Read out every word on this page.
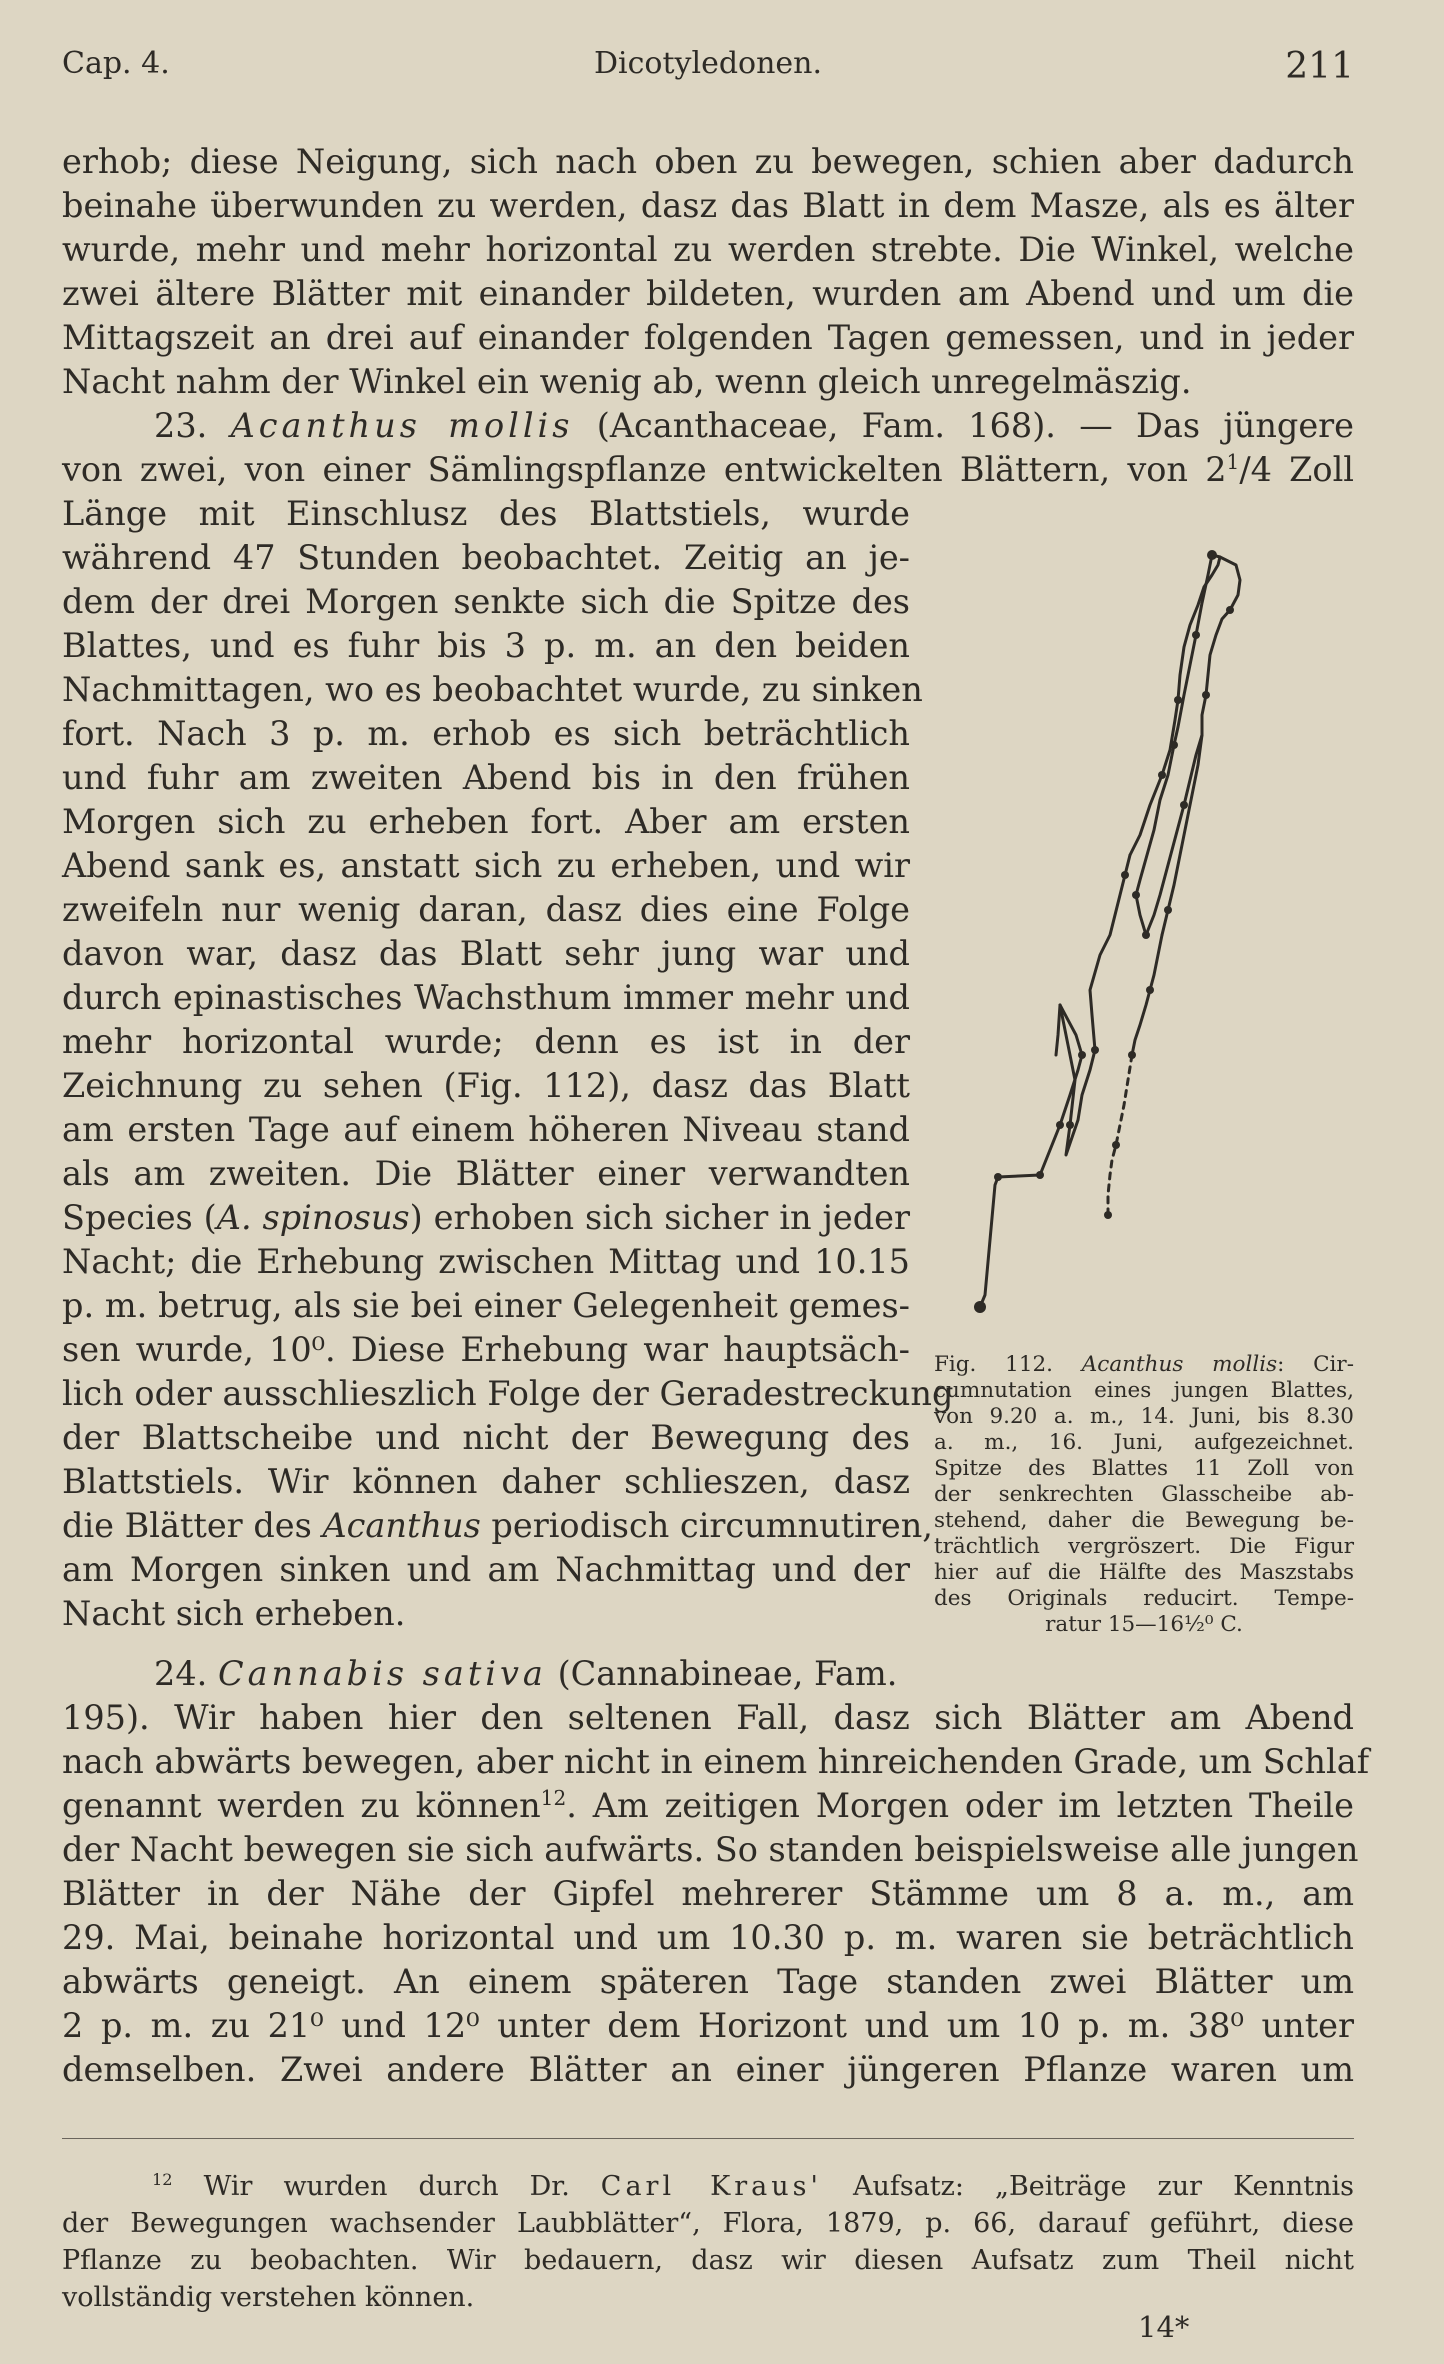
Cap. 4.	Dicotyledonen.	211
erhob; diese Neigung, sich nach oben zu bewegen, schien aber dadurch
beinahe überwunden zu werden, dasz das Blatt in dem Masze, als es älter
wurde, mehr und mehr horizontal zu werden strebte. Die Winkel, welche
zwei ältere Blätter mit einander bildeten, wurden am Abend und um die
Mittagszeit an drei auf einander folgenden Tagen gemessen, und in jeder
Nacht nahm der Winkel ein wenig ab, wenn gleich unregelmäszig.
23. Acanthus mollis (Acanthaceae, Fam. 168). — Das jüngere
von zwei, von einer Sämlingspflanze entwickelten Blättern, von $2^1/4$ Zoll
Länge mit Einschlusz des Blattstiels, wurde
während 47 Stunden beobachtet. Zeitig an je-
dem der drei Morgen senkte sich die Spitze des
Blattes, und es fuhr bis 3 p. m. an den beiden
Nachmittagen, wo es beobachtet wurde, zu sinken
fort. Nach 3 p. m. erhob es sich beträchtlich
und fuhr am zweiten Abend bis in den frühen
Morgen sich zu erheben fort. Aber am ersten
Abend sank es, anstatt sich zu erheben, und wir
zweifeln nur wenig daran, dasz dies eine Folge
davon war, dasz das Blatt sehr jung war und
durch epinastisches Wachsthum immer mehr und
mehr horizontal wurde; denn es ist in der
Zeichnung zu sehen (Fig. 112), dasz das Blatt
am ersten Tage auf einem höheren Niveau stand
als am zweiten. Die Blätter einer verwandten
Species (A. spinosus) erhoben sich sicher in jeder
Nacht; die Erhebung zwischen Mittag und 10.15
p. m. betrug, als sie bei einer Gelegenheit gemes-
sen wurde, 10⁰. Diese Erhebung war hauptsäch-
lich oder ausschlieszlich Folge der Geradestreckung
der Blattscheibe und nicht der Bewegung des
Blattstiels. Wir können daher schlieszen, dasz
die Blätter des Acanthus periodisch circumnutiren,
am Morgen sinken und am Nachmittag und der
Nacht sich erheben.
Fig. 112. Acanthus mollis: Cir-
cumnutation eines jungen Blattes,
von 9.20 a. m., 14. Juni, bis 8.30
a. m., 16. Juni, aufgezeichnet.
Spitze des Blattes 11 Zoll von
der senkrechten Glasscheibe ab-
stehend, daher die Bewegung be-
trächtlich vergröszert. Die Figur
hier auf die Hälfte des Maszstabs
des Originals reducirt. Tempe-
ratur 15—16½⁰ C.
24. Cannabis sativa (Cannabineae, Fam.
195). Wir haben hier den seltenen Fall, dasz sich Blätter am Abend
nach abwärts bewegen, aber nicht in einem hinreichenden Grade, um Schlaf
genannt werden zu können$^{12}$. Am zeitigen Morgen oder im letzten Theile
der Nacht bewegen sie sich aufwärts. So standen beispielsweise alle jungen
Blätter in der Nähe der Gipfel mehrerer Stämme um 8 a. m., am
29. Mai, beinahe horizontal und um 10.30 p. m. waren sie beträchtlich
abwärts geneigt. An einem späteren Tage standen zwei Blätter um
2 p. m. zu 21⁰ und 12⁰ unter dem Horizont und um 10 p. m. 38⁰ unter
demselben. Zwei andere Blätter an einer jüngeren Pflanze waren um
$^{12}$ Wir wurden durch Dr. Carl Kraus' Aufsatz: „Beiträge zur Kenntnis
der Bewegungen wachsender Laubblätter“, Flora, 1879, p. 66, darauf geführt, diese
Pflanze zu beobachten. Wir bedauern, dasz wir diesen Aufsatz zum Theil nicht
vollständig verstehen können.
14*
